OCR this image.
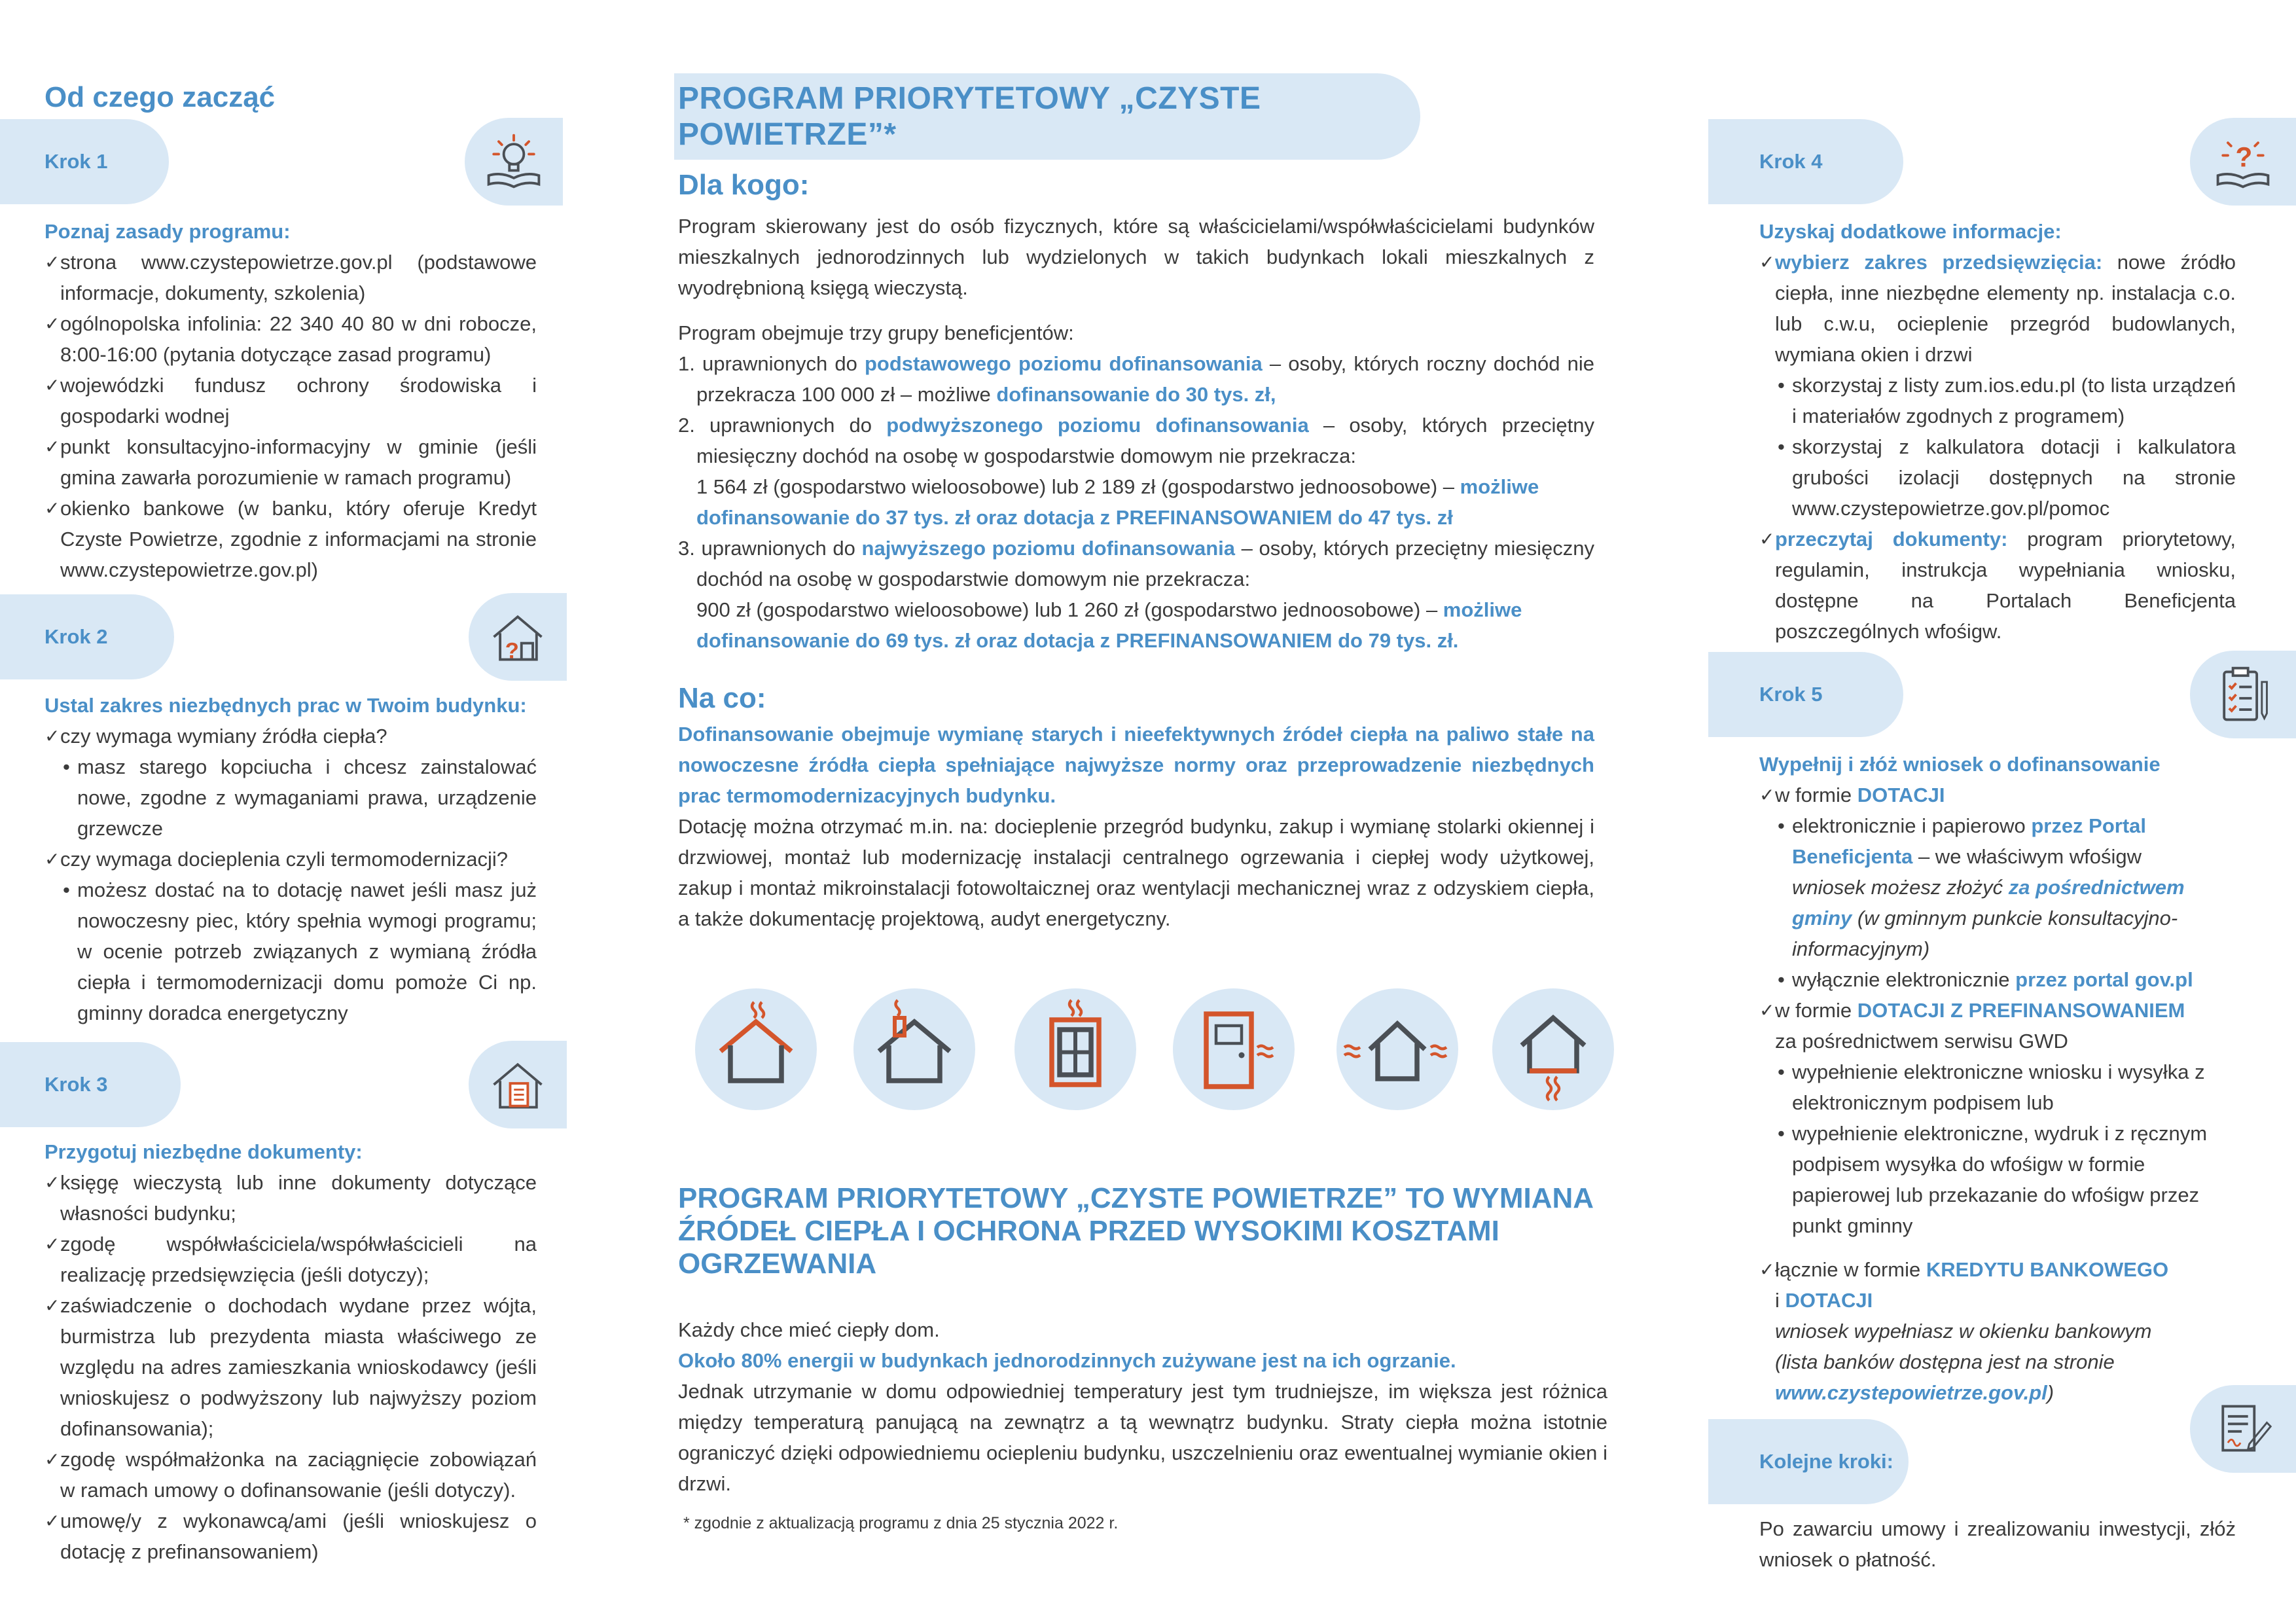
Od czego zacząć
Krok 1

Poznaj zasady programu:

✓ strona www.czystepowietrze.gov.pl (podstawowe informacje, dokumenty, szkolenia)
✓ ogólnopolska infolinia: 22 340 40 80 w dni robocze, 8:00-16:00 (pytania dotyczące zasad programu)
✓ wojewódzki fundusz ochrony środowiska i gospodarki wodnej
✓ punkt konsultacyjno-informacyjny w gminie (jeśli gmina zawarła porozumienie w ramach programu)
✓ okienko bankowe (w banku, który oferuje Kredyt Czyste Powietrze, zgodnie z informacjami na stronie www.czystepowietrze.gov.pl)
Krok 2
?

Ustal zakres niezbędnych prac w Twoim budynku:

✓ czy wymaga wymiany źródła ciepła?
• masz starego kopciucha i chcesz zainstalować nowe, zgodne z wymaganiami prawa, urządzenie grzewcze
✓ czy wymaga docieplenia czyli termomodernizacji?
• możesz dostać na to dotację nawet jeśli masz już nowoczesny piec, który spełnia wymogi programu; w ocenie potrzeb związanych z wymianą źródła ciepła i termomodernizacji domu pomoże Ci np. gminny doradca energetyczny
Krok 3

Przygotuj niezbędne dokumenty:

✓ księgę wieczystą lub inne dokumenty dotyczące własności budynku;
✓ zgodę współwłaściciela/współwłaścicieli na realizację przedsięwzięcia (jeśli dotyczy);
✓ zaświadczenie o dochodach wydane przez wójta, burmistrza lub prezydenta miasta właściwego ze względu na adres zamieszkania wnioskodawcy (jeśli wnioskujesz o podwyższony lub najwyższy poziom dofinansowania);
✓ zgodę współmałżonka na zaciągnięcie zobowiązań w ramach umowy o dofinansowanie (jeśli dotyczy).
✓ umowę/y z wykonawcą/ami (jeśli wnioskujesz o dotację z prefinansowaniem)
PROGRAM PRIORYTETOWY „CZYSTE POWIETRZE”*
Dla kogo:

Program skierowany jest do osób fizycznych, które są właścicielami/współwłaścicielami budynków mieszkalnych jednorodzinnych lub wydzielonych w takich budynkach lokali mieszkalnych z wyodrębnioną księgą wieczystą.

Program obejmuje trzy grupy beneficjentów:

1. uprawnionych do podstawowego poziomu dofinansowania – osoby, których roczny dochód nie przekracza 100 000 zł – możliwe dofinansowanie do 30 tys. zł,

2. uprawnionych do podwyższonego poziomu dofinansowania – osoby, których przeciętny miesięczny dochód na osobę w gospodarstwie domowym nie przekracza:

1 564 zł (gospodarstwo wieloosobowe) lub 2 189 zł (gospodarstwo jednoosobowe) – możliwe dofinansowanie do 37 tys. zł oraz dotacja z PREFINANSOWANIEM do 47 tys. zł

3. uprawnionych do najwyższego poziomu dofinansowania – osoby, których przeciętny miesięczny dochód na osobę w gospodarstwie domowym nie przekracza:

900 zł (gospodarstwo wieloosobowe) lub 1 260 zł (gospodarstwo jednoosobowe) – możliwe dofinansowanie do 69 tys. zł oraz dotacja z PREFINANSOWANIEM do 79 tys. zł.

Na co:

Dofinansowanie obejmuje wymianę starych i nieefektywnych źródeł ciepła na paliwo stałe na nowoczesne źródła ciepła spełniające najwyższe normy oraz przeprowadzenie niezbędnych prac termomodernizacyjnych budynku.

Dotację można otrzymać m.in. na: docieplenie przegród budynku, zakup i wymianę stolarki okiennej i drzwiowej, montaż lub modernizację instalacji centralnego ogrzewania i ciepłej wody użytkowej, zakup i montaż mikroinstalacji fotowoltaicznej oraz wentylacji mechanicznej wraz z odzyskiem ciepła, a także dokumentację projektową, audyt energetyczny.

PROGRAM PRIORYTETOWY „CZYSTE POWIETRZE” TO WYMIANA ŹRÓDEŁ CIEPŁA I OCHRONA PRZED WYSOKIMI KOSZTAMI OGRZEWANIA

Każdy chce mieć ciepły dom.

Około 80% energii w budynkach jednorodzinnych zużywane jest na ich ogrzanie.

Jednak utrzymanie w domu odpowiedniej temperatury jest tym trudniejsze, im większa jest różnica między temperaturą panującą na zewnątrz a tą wewnątrz budynku. Straty ciepła można istotnie ograniczyć dzięki odpowiedniemu ociepleniu budynku, uszczelnieniu oraz ewentualnej wymianie okien i drzwi.

* zgodnie z aktualizacją programu z dnia 25 stycznia 2022 r.

Krok 4	?

Uzyskaj dodatkowe informacje:

✓ wybierz zakres przedsięwzięcia: nowe źródło ciepła, inne niezbędne elementy np. instalacja c.o. lub c.w.u, ocieplenie przegród budowlanych, wymiana okien i drzwi
• skorzystaj z listy zum.ios.edu.pl (to lista urządzeń i materiałów zgodnych z programem)
• skorzystaj z kalkulatora dotacji i kalkulatora grubości izolacji dostępnych na stronie www.czystepowietrze.gov.pl/pomoc
✓ przeczytaj dokumenty: program priorytetowy, regulamin, instrukcja wypełniania wniosku, dostępne na Portalach Beneficjenta poszczególnych wfośigw.
Krok 5

Wypełnij i złóż wniosek o dofinansowanie

✓ w formie DOTACJI
• elektronicznie i papierowo przez Portal Beneficjenta – we właściwym wfośigw
wniosek możesz złożyć za pośrednictwem gminy (w gminnym punkcie konsultacyjno-informacyjnym)
• wyłącznie elektronicznie przez portal gov.pl
✓ w formie DOTACJI Z PREFINANSOWANIEM
za pośrednictwem serwisu GWD
• wypełnienie elektroniczne wniosku i wysyłka z elektronicznym podpisem lub
• wypełnienie elektroniczne, wydruk i z ręcznym podpisem wysyłka do wfośigw w formie papierowej lub przekazanie do wfośigw przez punkt gminny
✓ łącznie w formie KREDYTU BANKOWEGO
i DOTACJI
wniosek wypełniasz w okienku bankowym
(lista banków dostępna jest na stronie
www.czystepowietrze.gov.pl)
Kolejne kroki:

Po zawarciu umowy i zrealizowaniu inwestycji, złóż wniosek o płatność.
